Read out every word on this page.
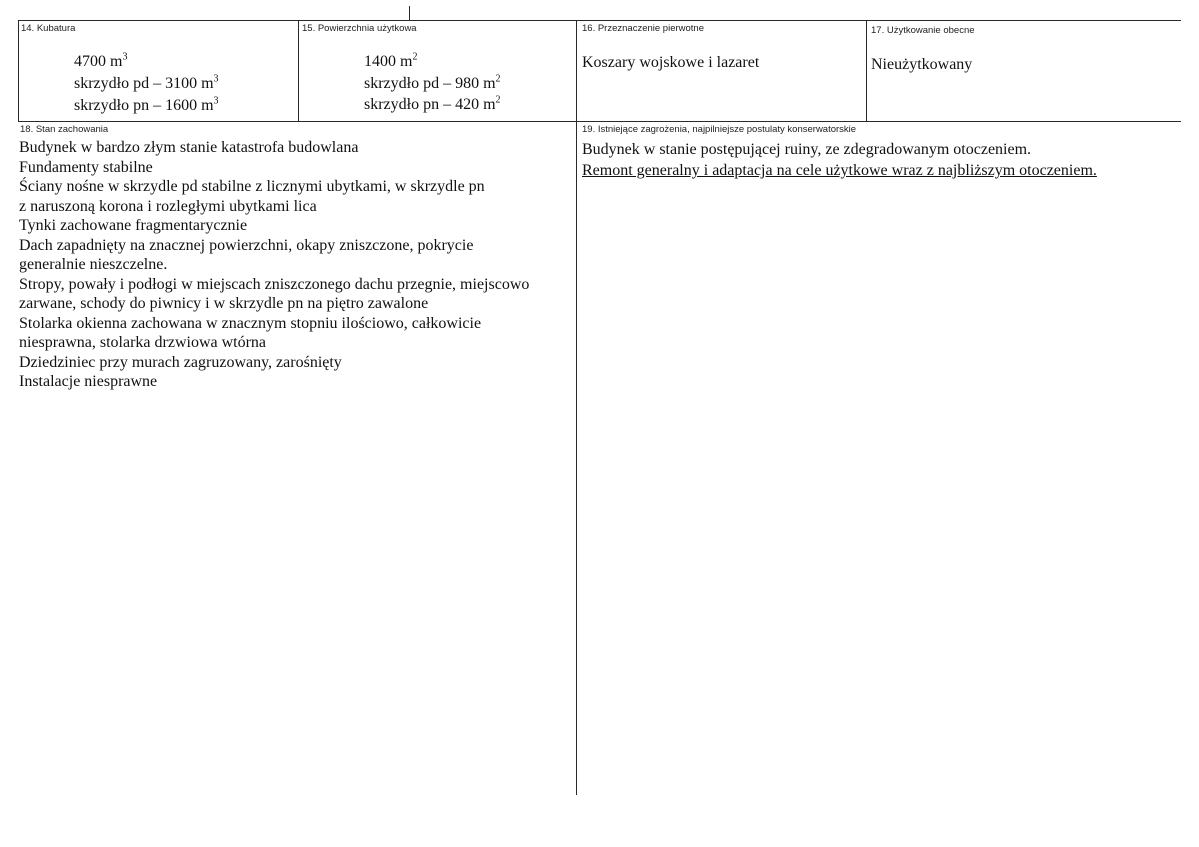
14. Kubatura
4700 $m^3$
skrzydło pd – 3100 $m^3$
skrzydło pn – 1600 $m^3$
15. Powierzchnia użytkowa
1400 $m^2$
skrzydło pd – 980 $m^2$
skrzydło pn – 420 $m^2$
16. Przeznaczenie pierwotne
Koszary wojskowe i lazaret
17. Użytkowanie obecne
Nieużytkowany
18. Stan zachowania
Budynek w bardzo złym stanie katastrofa budowlana
Fundamenty stabilne
Ściany nośne w skrzydle pd stabilne z licznymi ubytkami, w skrzydle pn
z naruszoną korona i rozległymi ubytkami lica
Tynki zachowane fragmentarycznie
Dach zapadnięty na znacznej powierzchni, okapy zniszczone, pokrycie
generalnie nieszczelne.
Stropy, powały i podłogi w miejscach zniszczonego dachu przegnie, miejscowo
zarwane, schody do piwnicy i w skrzydle pn na piętro zawalone
Stolarka okienna zachowana w znacznym stopniu ilościowo, całkowicie
niesprawna, stolarka drzwiowa wtórna
Dziedziniec przy murach zagruzowany, zarośnięty
Instalacje niesprawne
19. Istniejące zagrożenia, najpilniejsze postulaty konserwatorskie
Budynek w stanie postępującej ruiny, ze zdegradowanym otoczeniem.
Remont generalny i adaptacja na cele użytkowe wraz z najbliższym otoczeniem.
